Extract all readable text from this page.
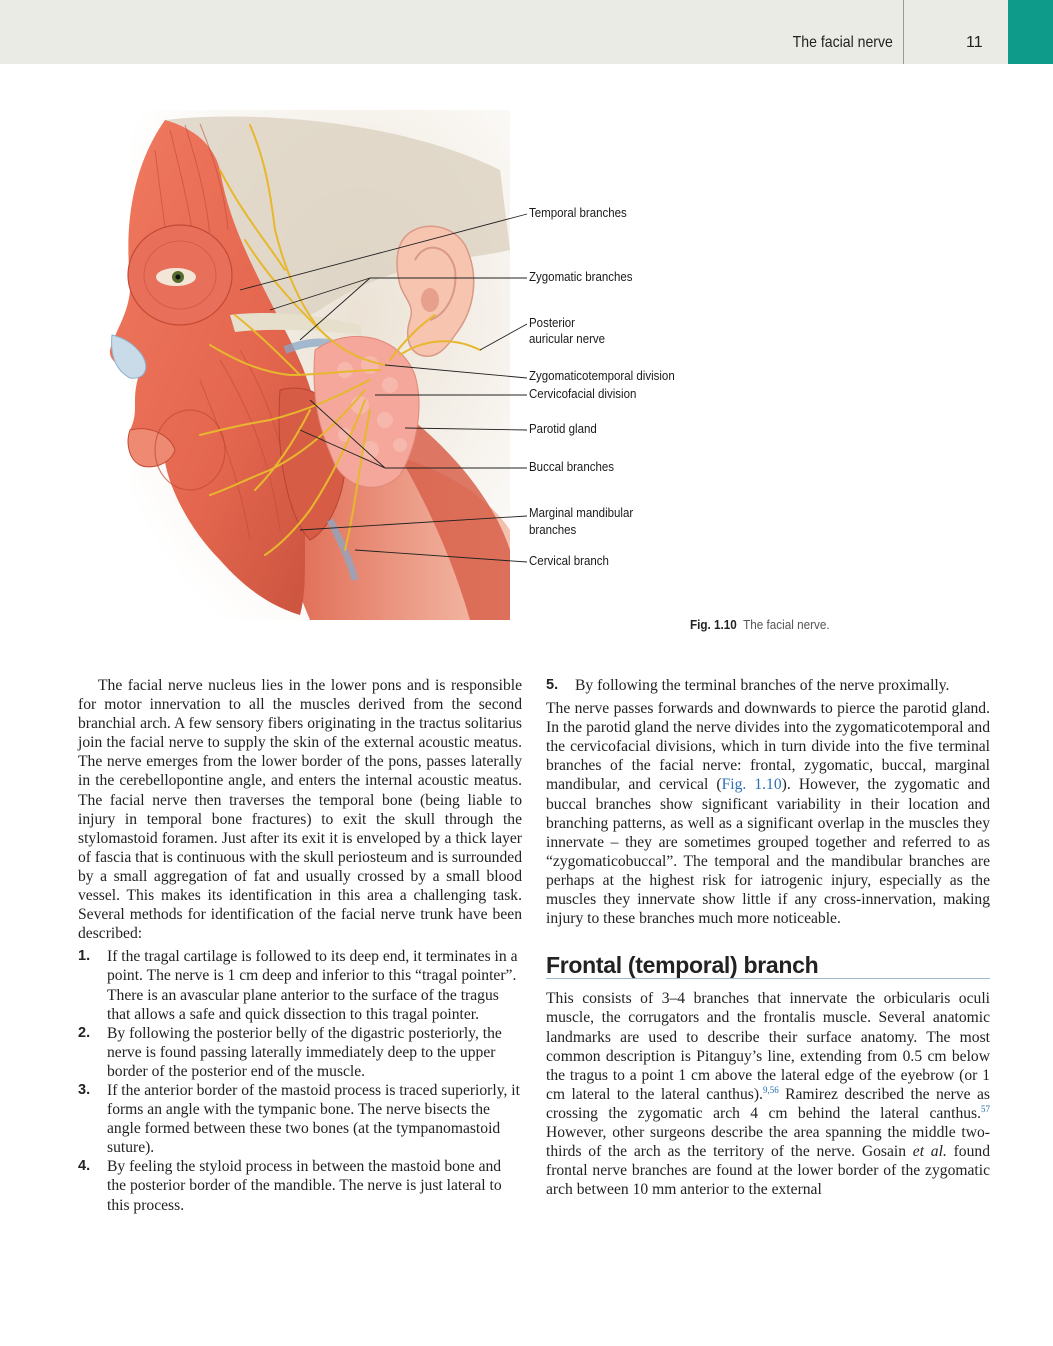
The facial nerve	11
Temporal branches
Zygomatic branches
Posterior
auricular nerve
Zygomaticotemporal division
Cervicofacial division
Parotid gland
Buccal branches
Marginal mandibular
branches
Cervical branch
Fig. 1.10 The facial nerve.

The facial nerve nucleus lies in the lower pons and is responsible for motor innervation to all the muscles derived from the second branchial arch. A few sensory fibers originating in the tractus solitarius join the facial nerve to supply the skin of the external acoustic meatus. The nerve emerges from the lower border of the pons, passes laterally in the cerebellopontine angle, and enters the internal acoustic meatus. The facial nerve then traverses the temporal bone (being liable to injury in temporal bone fractures) to exit the skull through the stylomastoid foramen. Just after its exit it is enveloped by a thick layer of fascia that is continuous with the skull periosteum and is surrounded by a small aggregation of fat and usually crossed by a small blood vessel. This makes its identification in this area a challenging task. Several methods for identification of the facial nerve trunk have been described:

1. If the tragal cartilage is followed to its deep end, it terminates in a point. The nerve is 1 cm deep and inferior to this “tragal pointer”. There is an avascular plane anterior to the surface of the tragus that allows a safe and quick dissection to this tragal pointer.
2. By following the posterior belly of the digastric posteriorly, the nerve is found passing laterally immediately deep to the upper border of the posterior end of the muscle.
3. If the anterior border of the mastoid process is traced superiorly, it forms an angle with the tympanic bone. The nerve bisects the angle formed between these two bones (at the tympanomastoid suture).
4. By feeling the styloid process in between the mastoid bone and the posterior border of the mandible. The nerve is just lateral to this process.
5. By following the terminal branches of the nerve proximally.

The nerve passes forwards and downwards to pierce the parotid gland. In the parotid gland the nerve divides into the zygomaticotemporal and the cervicofacial divisions, which in turn divide into the five terminal branches of the facial nerve: frontal, zygomatic, buccal, marginal mandibular, and cervical (Fig. 1.10). However, the zygomatic and buccal branches show significant variability in their location and branching patterns, as well as a significant overlap in the muscles they innervate – they are sometimes grouped together and referred to as “zygomaticobuccal”. The temporal and the mandibular branches are perhaps at the highest risk for iatrogenic injury, especially as the muscles they innervate show little if any cross-innervation, making injury to these branches much more noticeable.

Frontal (temporal) branch

This consists of 3–4 branches that innervate the orbicularis oculi muscle, the corrugators and the frontalis muscle. Several anatomic landmarks are used to describe their surface anatomy. The most common description is Pitanguy’s line, extending from 0.5 cm below the tragus to a point 1 cm above the lateral edge of the eyebrow (or 1 cm lateral to the lateral canthus).$^{9,56}$ Ramirez described the nerve as crossing the zygomatic arch 4 cm behind the lateral canthus.$^{57}$ However, other surgeons describe the area spanning the middle two-thirds of the arch as the territory of the nerve. Gosain et al. found frontal nerve branches are found at the lower border of the zygomatic arch between 10 mm anterior to the external
